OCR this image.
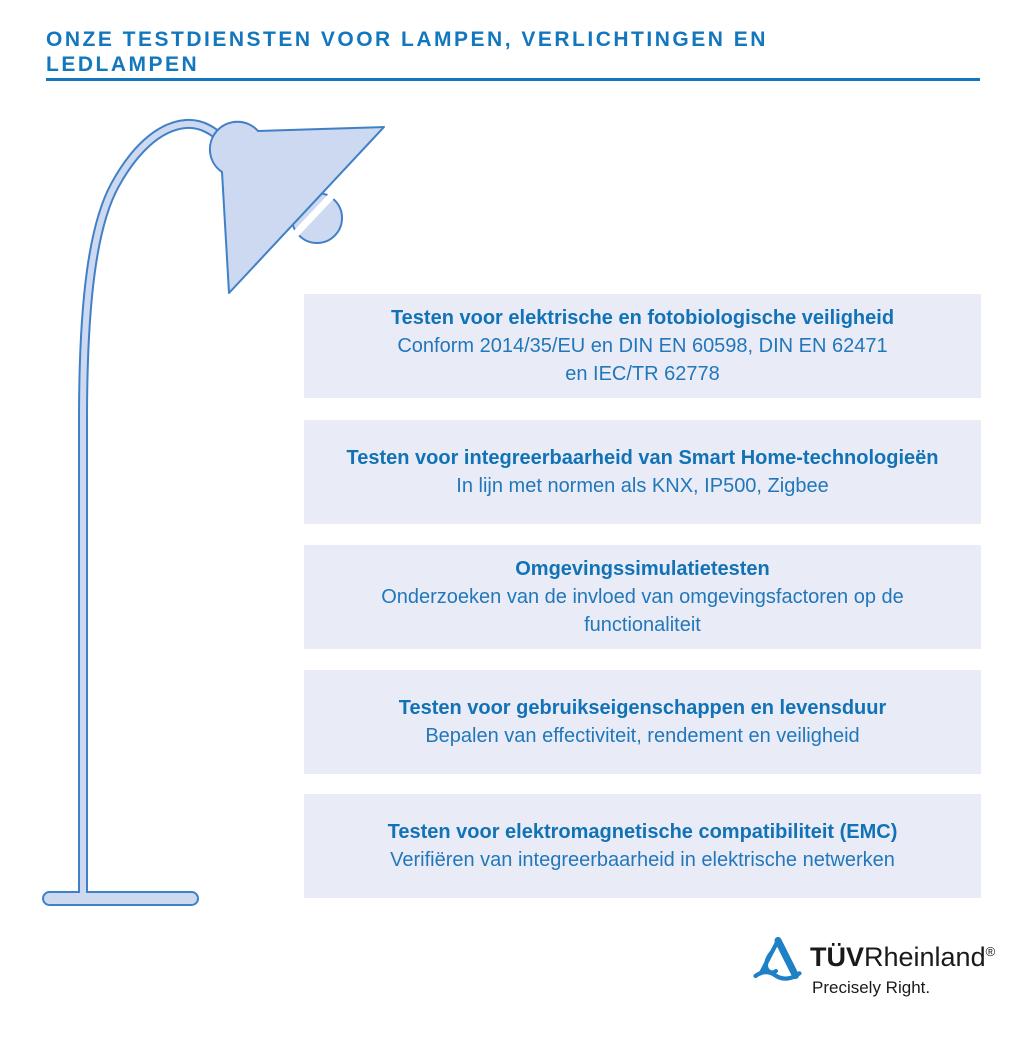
ONZE TESTDIENSTEN VOOR LAMPEN, VERLICHTINGEN EN
LEDLAMPEN
Testen voor elektrische en fotobiologische veiligheid
Conform 2014/35/EU en DIN EN 60598, DIN EN 62471
en IEC/TR 62778
Testen voor integreerbaarheid van Smart Home-technologieën
In lijn met normen als KNX, IP500, Zigbee
Omgevingssimulatietesten
Onderzoeken van de invloed van omgevingsfactoren op de
functionaliteit
Testen voor gebruikseigenschappen en levensduur
Bepalen van effectiviteit, rendement en veiligheid
Testen voor elektromagnetische compatibiliteit (EMC)
Verifiëren van integreerbaarheid in elektrische netwerken
TÜVRheinland®
Precisely Right.
